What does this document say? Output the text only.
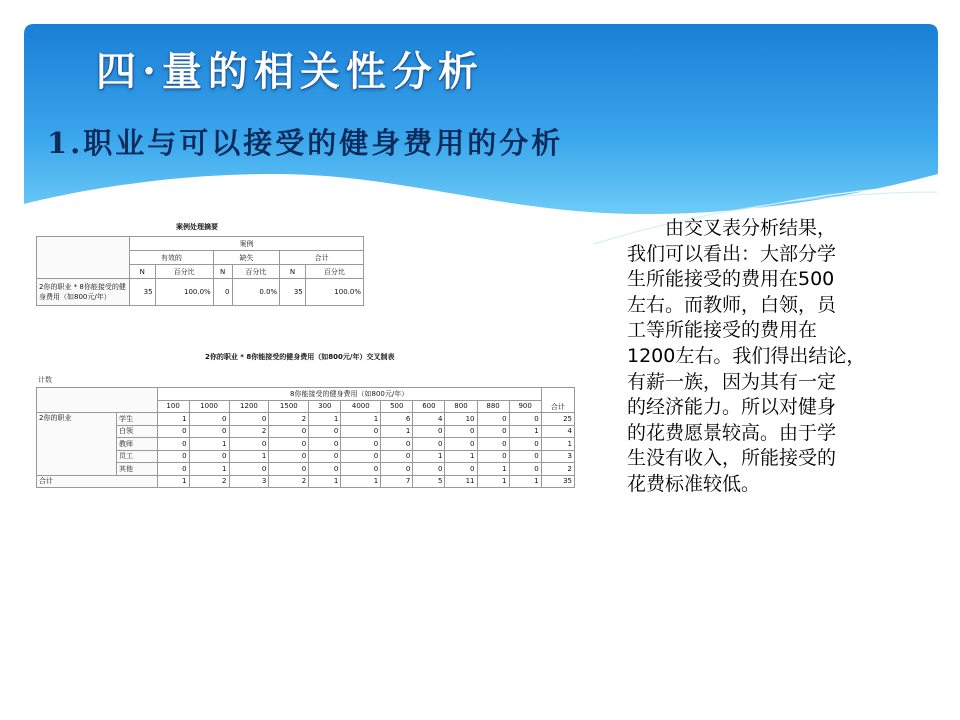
四·量的相关性分析
1.职业与可以接受的健身费用的分析
案例处理摘要
	案例					
	有效的		缺失		合计	
	N	百分比	N	百分比	N	百分比
2你的职业 * 8你能接受的健身费用（如800元/年）	35	100.0%	0	0.0%	35	100.0%
2你的职业 * 8你能接受的健身费用（如800元/年）交叉制表
计数
		8你能接受的健身费用（如800元/年）											合计
		100	1000	1200	1500	300	4000	500	600	800	880	900	
2你的职业	学生	1	0	0	2	1	1	6	4	10	0	0	25
	白领	0	0	2	0	0	0	1	0	0	0	1	4
	教师	0	1	0	0	0	0	0	0	0	0	0	1
	员工	0	0	1	0	0	0	0	1	1	0	0	3
	其他	0	1	0	0	0	0	0	0	0	1	0	2
合计		1	2	3	2	1	1	7	5	11	1	1	35

由交叉表分析结果，

我们可以看出：大部分学

生所能接受的费用在500

左右。而教师，白领，员

工等所能接受的费用在

1200左右。我们得出结论，

有薪一族，因为其有一定

的经济能力。所以对健身

的花费愿景较高。由于学

生没有收入，所能接受的

花费标准较低。
